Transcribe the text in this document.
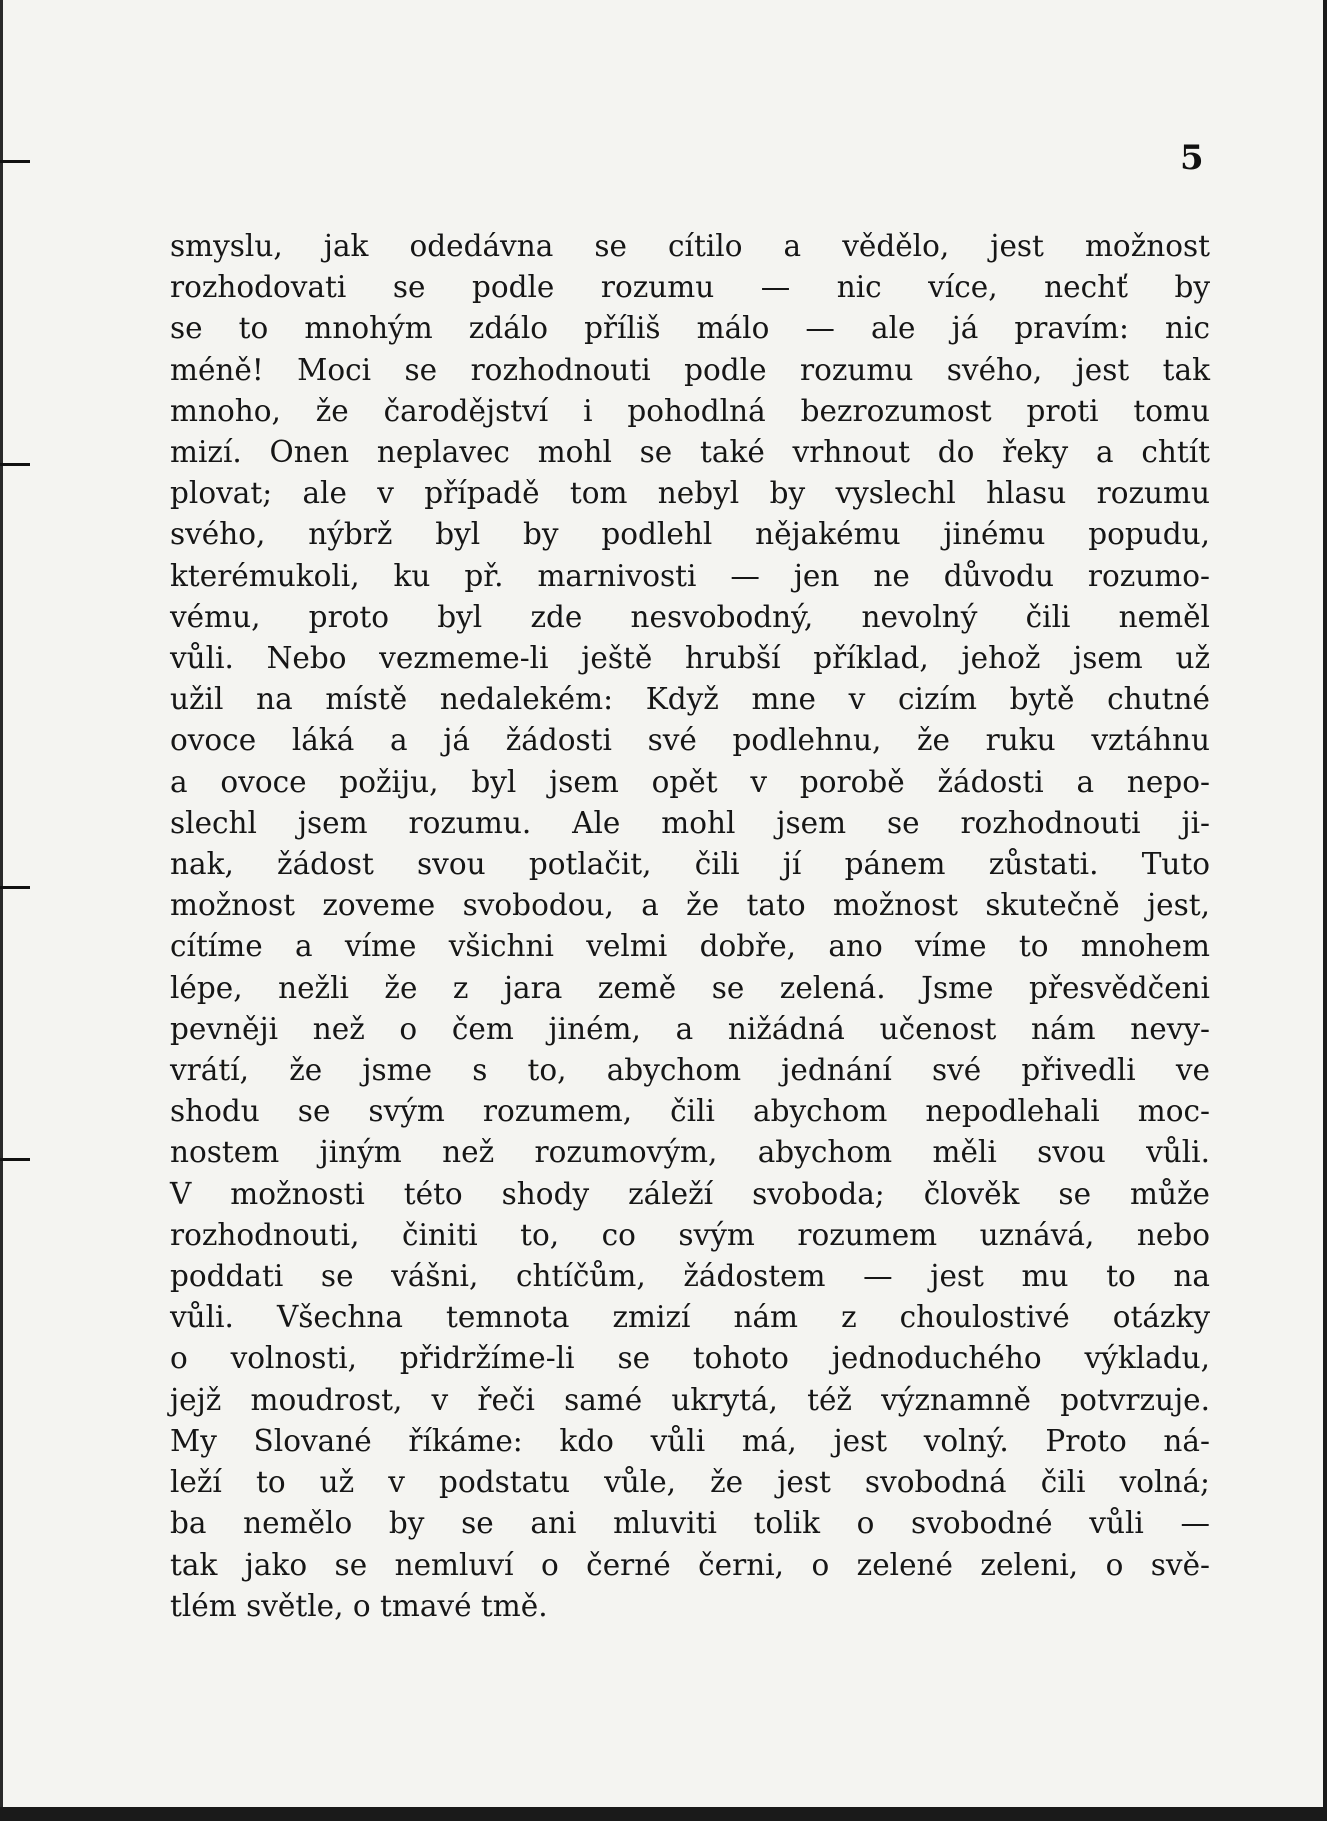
5

smyslu, jak odedávna se cítilo a vědělo, jest možnost
rozhodovati se podle rozumu — nic více, nechť by
se to mnohým zdálo příliš málo — ale já pravím: nic
méně! Moci se rozhodnouti podle rozumu svého, jest tak
mnoho, že čarodějství i pohodlná bezrozumost proti tomu
mizí. Onen neplavec mohl se také vrhnout do řeky a chtít
plovat; ale v případě tom nebyl by vyslechl hlasu rozumu
svého, nýbrž byl by podlehl nějakému jinému popudu,
kterémukoli, ku př. marnivosti — jen ne důvodu rozumo-
vému, proto byl zde nesvobodný, nevolný čili neměl
vůli. Nebo vezmeme-li ještě hrubší příklad, jehož jsem už
užil na místě nedalekém: Když mne v cizím bytě chutné
ovoce láká a já žádosti své podlehnu, že ruku vztáhnu
a ovoce požiju, byl jsem opět v porobě žádosti a nepo-
slechl jsem rozumu. Ale mohl jsem se rozhodnouti ji-
nak, žádost svou potlačit, čili jí pánem zůstati. Tuto
možnost zoveme svobodou, a že tato možnost skutečně jest,
cítíme a víme všichni velmi dobře, ano víme to mnohem
lépe, nežli že z jara země se zelená. Jsme přesvědčeni
pevněji než o čem jiném, a nižádná učenost nám nevy-
vrátí, že jsme s to, abychom jednání své přivedli ve
shodu se svým rozumem, čili abychom nepodlehali moc-
nostem jiným než rozumovým, abychom měli svou vůli.
V možnosti této shody záleží svoboda; člověk se může
rozhodnouti, činiti to, co svým rozumem uznává, nebo
poddati se vášni, chtíčům, žádostem — jest mu to na
vůli. Všechna temnota zmizí nám z choulostivé otázky
o volnosti, přidržíme-li se tohoto jednoduchého výkladu,
jejž moudrost, v řeči samé ukrytá, též významně potvrzuje.
My Slované říkáme: kdo vůli má, jest volný. Proto ná-
leží to už v podstatu vůle, že jest svobodná čili volná;
ba nemělo by se ani mluviti tolik o svobodné vůli —
tak jako se nemluví o černé černi, o zelené zeleni, o svě-
tlém světle, o tmavé tmě.
